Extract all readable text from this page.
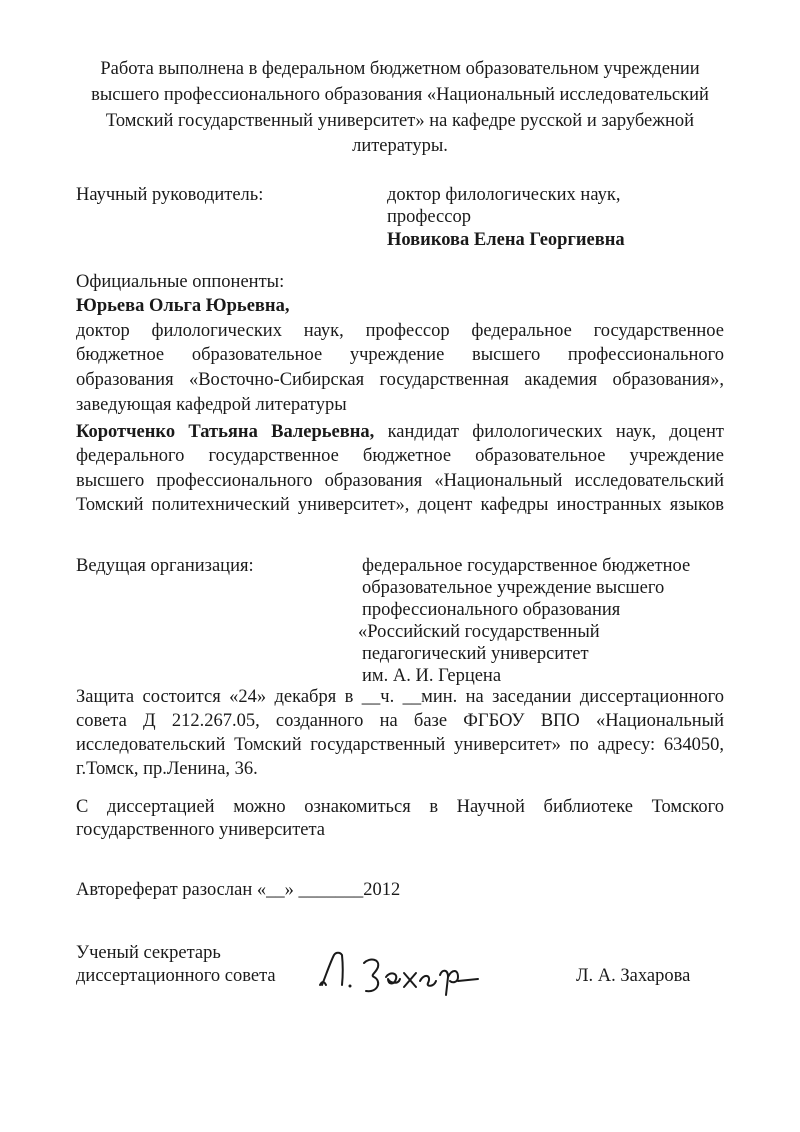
Работа выполнена в федеральном бюджетном образовательном учреждении
высшего профессионального образования «Национальный исследовательский
Томский государственный университет» на кафедре русской и зарубежной
литературы.
Научный руководитель:	доктор филологических наук,
профессор
Новикова Елена Георгиевна
Официальные оппоненты:
Юрьева Ольга Юрьевна,
доктор филологических наук, профессор федеральное государственное
бюджетное образовательное учреждение высшего профессионального
образования «Восточно-Сибирская государственная академия образования»,
заведующая кафедрой литературы
Коротченко Татьяна Валерьевна, кандидат филологических наук, доцент
федерального государственное бюджетное образовательное учреждение
высшего профессионального образования «Национальный исследовательский
Томский политехнический университет», доцент кафедры иностранных языков
Ведущая организация:	федеральное государственное бюджетное
образовательное учреждение высшего
профессионального образования
«Российский государственный
педагогический университет
им. А. И. Герцена
Защита состоится «24» декабря в __ч. __мин. на заседании диссертационного
совета Д 212.267.05, созданного на базе ФГБОУ ВПО «Национальный
исследовательский Томский государственный университет» по адресу: 634050,
г.Томск, пр.Ленина, 36.
С диссертацией можно ознакомиться в Научной библиотеке Томского
государственного университета
Автореферат разослан «__» _______2012
Ученый секретарь
диссертационного совета	Л. А. Захарова
